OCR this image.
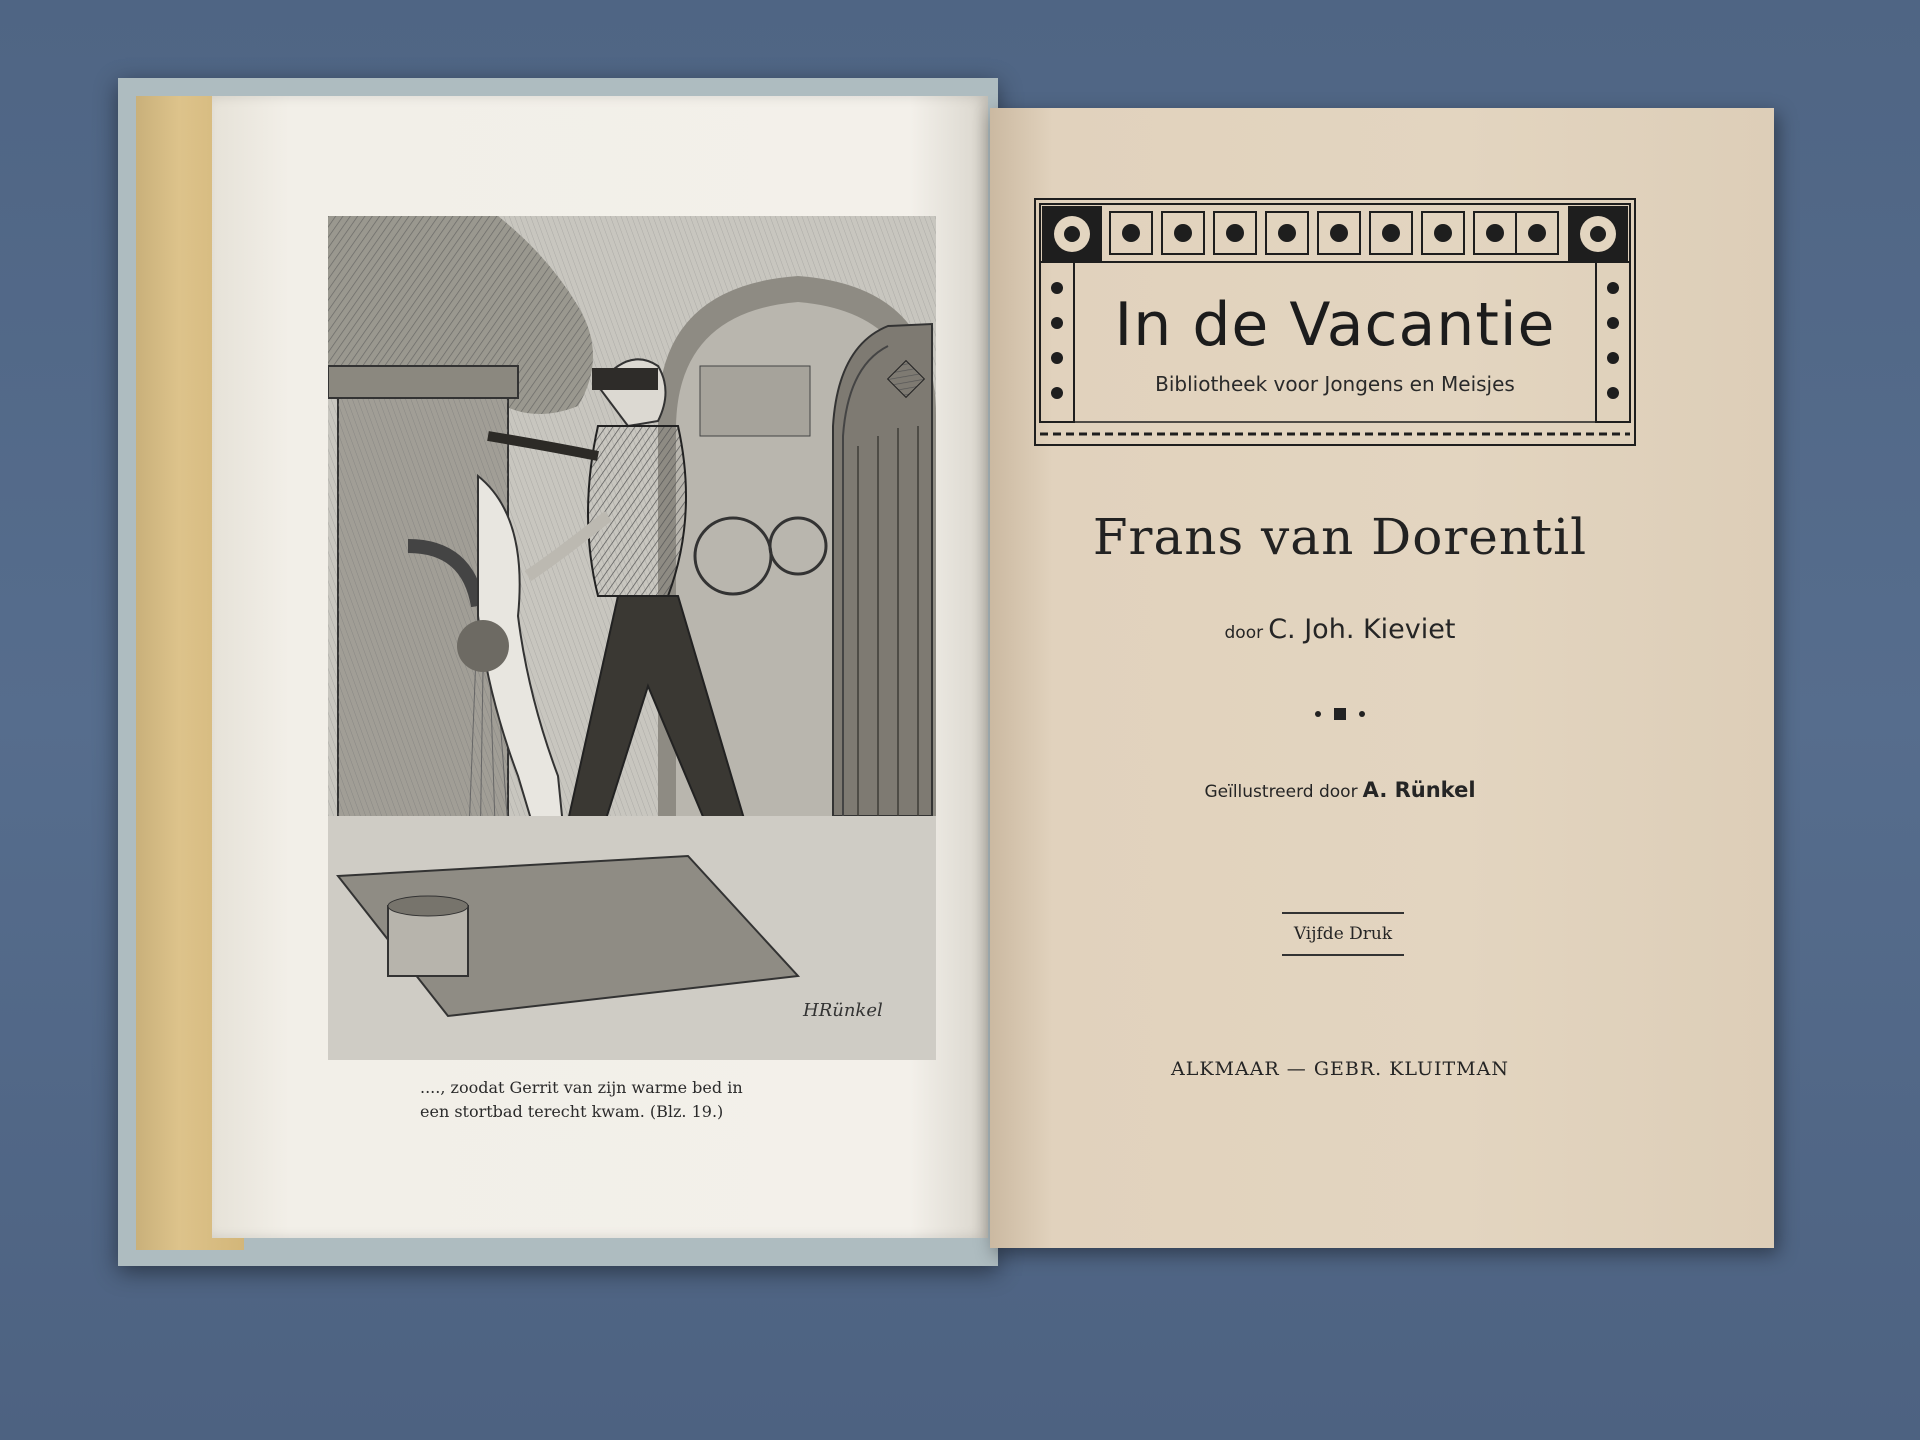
HRünkel
...., zoodat Gerrit van zijn warme bed in
een stortbad terecht kwam. (Blz. 19.)
In de Vacantie
Bibliotheek voor Jongens en Meisjes
Frans van Dorentil
door C. Joh. Kieviet
Geïllustreerd door A. Rünkel
Vijfde Druk
ALKMAAR — GEBR. KLUITMAN
